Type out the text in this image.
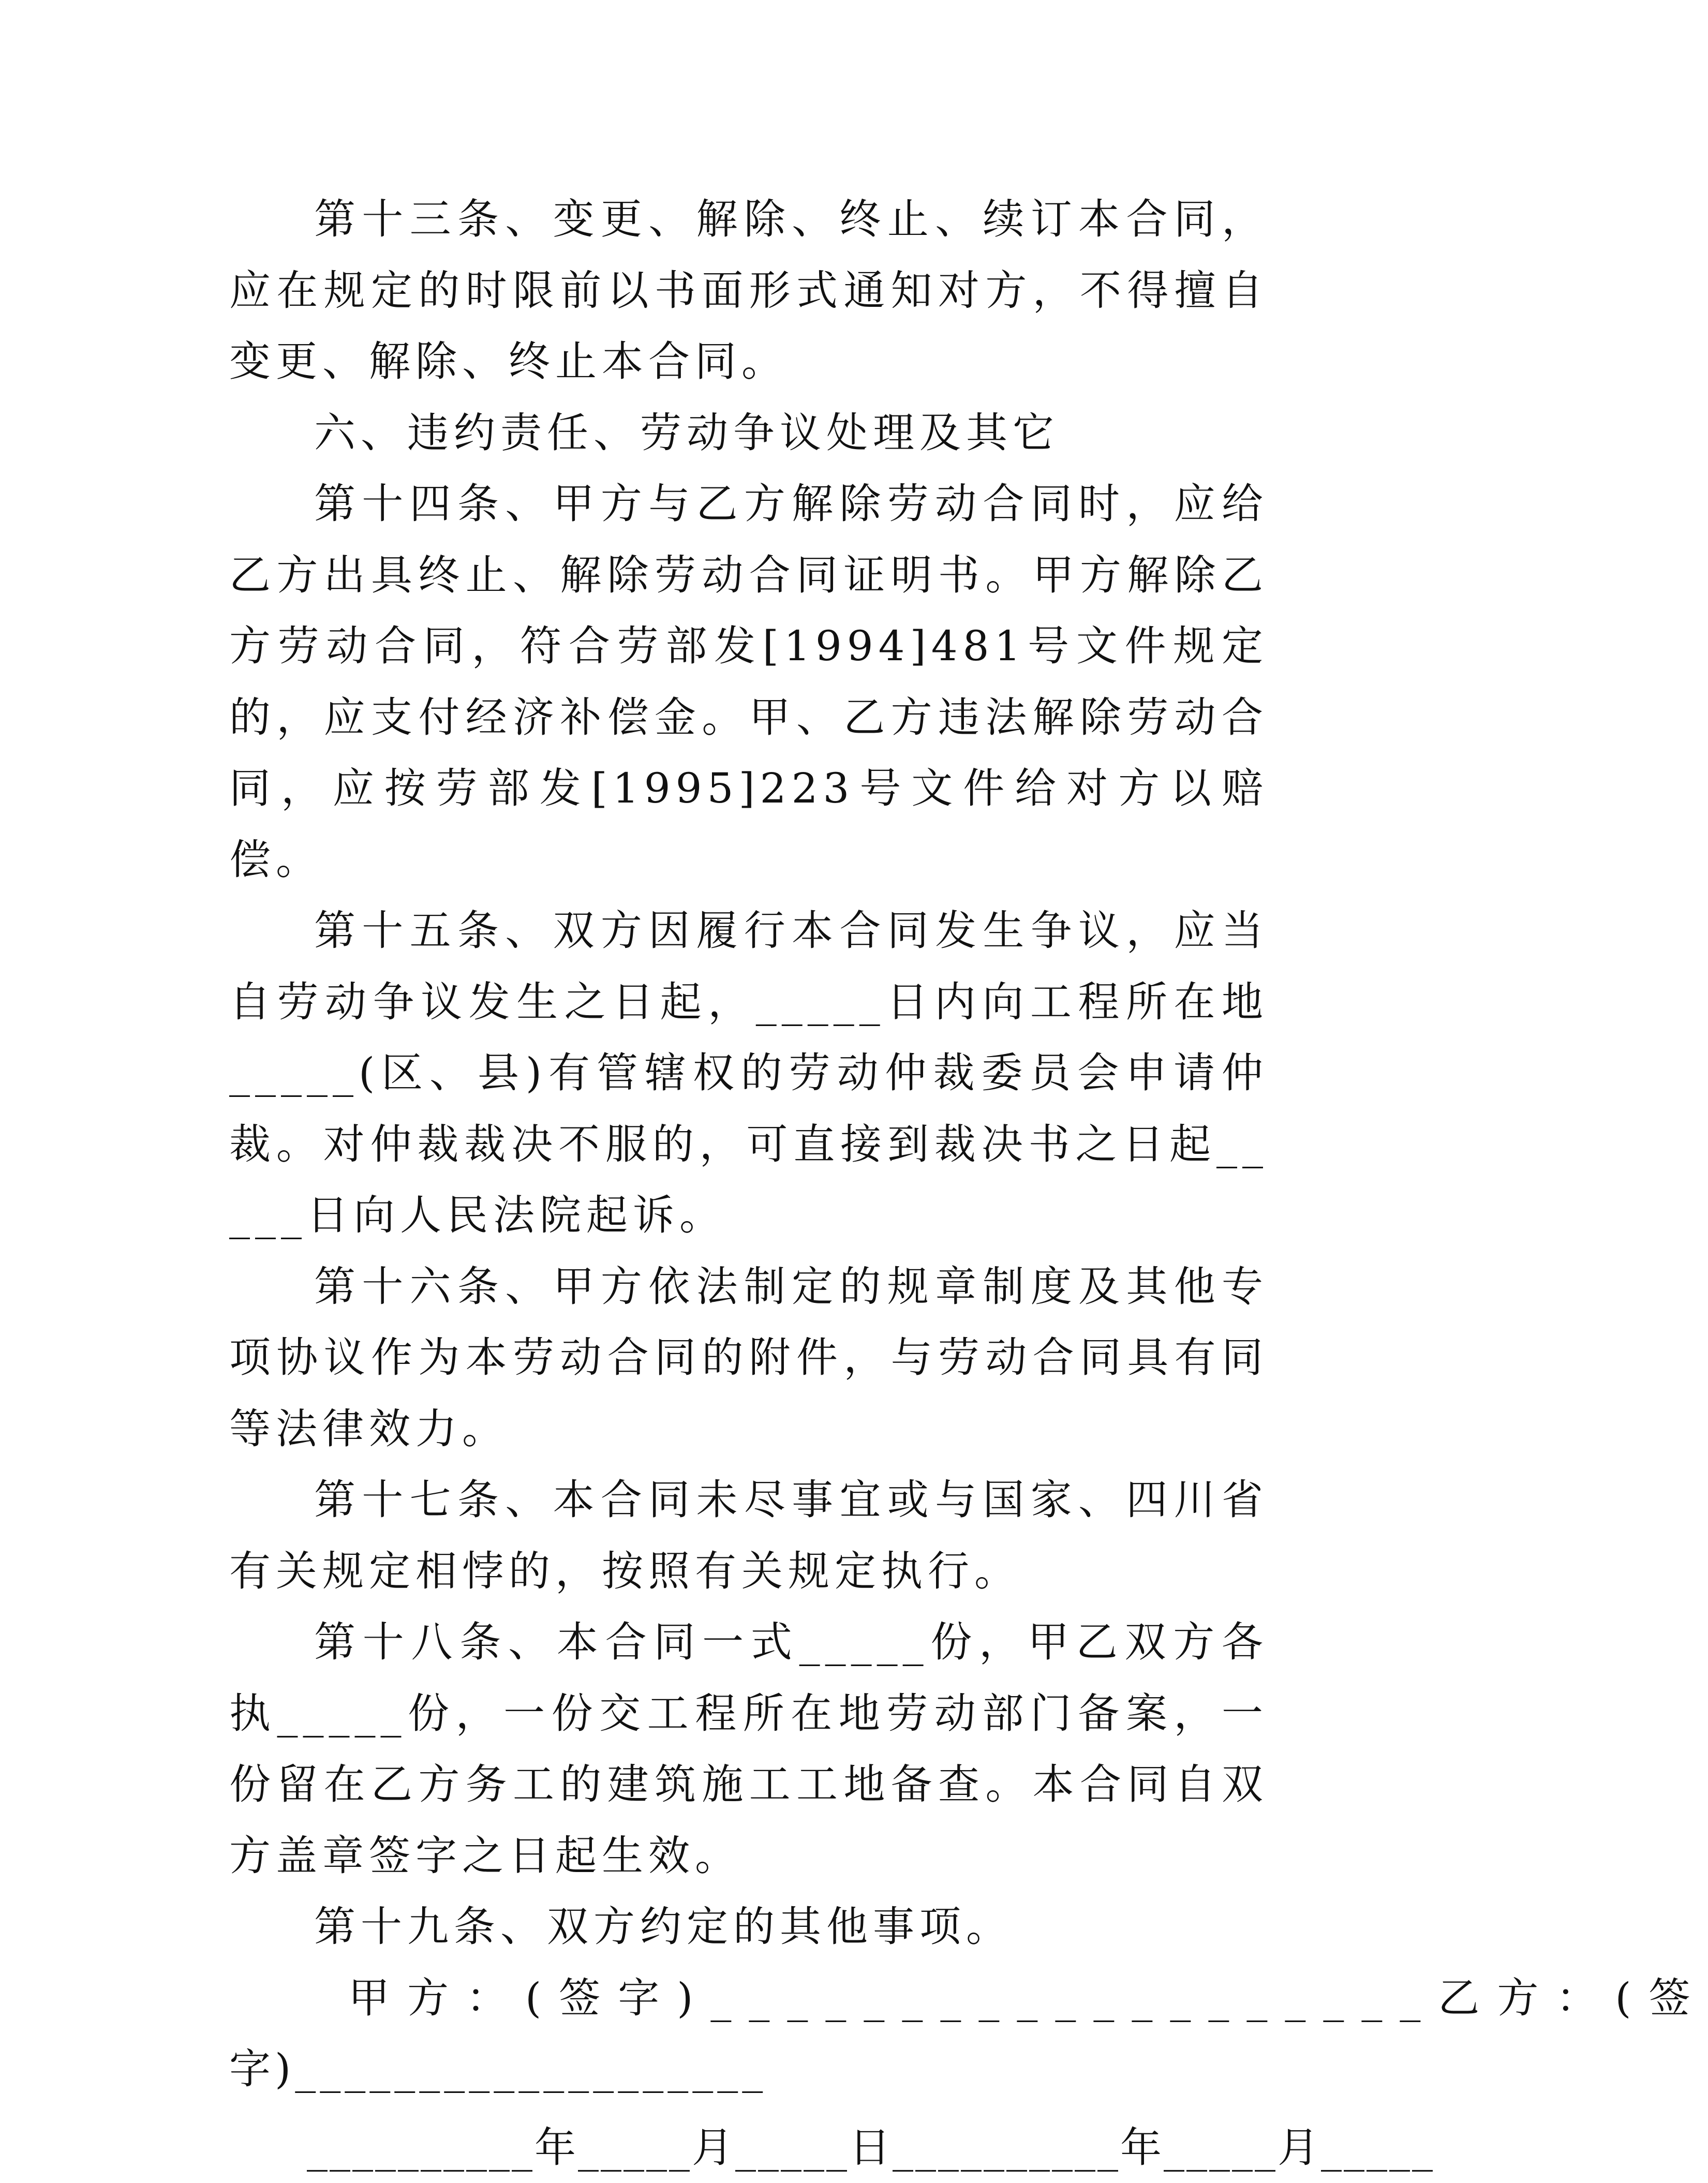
第十三条、变更、解除、终止、续订本合同，应在规定的时限前以书面形式通知对方，不得擅自变更、解除、终止本合同。

六、违约责任、劳动争议处理及其它

第十四条、甲方与乙方解除劳动合同时，应给乙方出具终止、解除劳动合同证明书。甲方解除乙方劳动合同，符合劳部发[1994]481号文件规定的，应支付经济补偿金。甲、乙方违法解除劳动合同，应按劳部发[1995]223号文件给对方以赔偿。

第十五条、双方因履行本合同发生争议，应当自劳动争议发生之日起，_____日内向工程所在地_____(区、县)有管辖权的劳动仲裁委员会申请仲裁。对仲裁裁决不服的，可直接到裁决书之日起_____日向人民法院起诉。

第十六条、甲方依法制定的规章制度及其他专项协议作为本劳动合同的附件，与劳动合同具有同等法律效力。

第十七条、本合同未尽事宜或与国家、四川省有关规定相悖的，按照有关规定执行。

第十八条、本合同一式_____份，甲乙双方各执_____份，一份交工程所在地劳动部门备案，一份留在乙方务工的建筑施工工地备查。本合同自双方盖章签字之日起生效。

第十九条、双方约定的其他事项。

甲方：(签字)___________________乙方：(签

字)___________________

__________年_____月_____日__________年_____月_____
